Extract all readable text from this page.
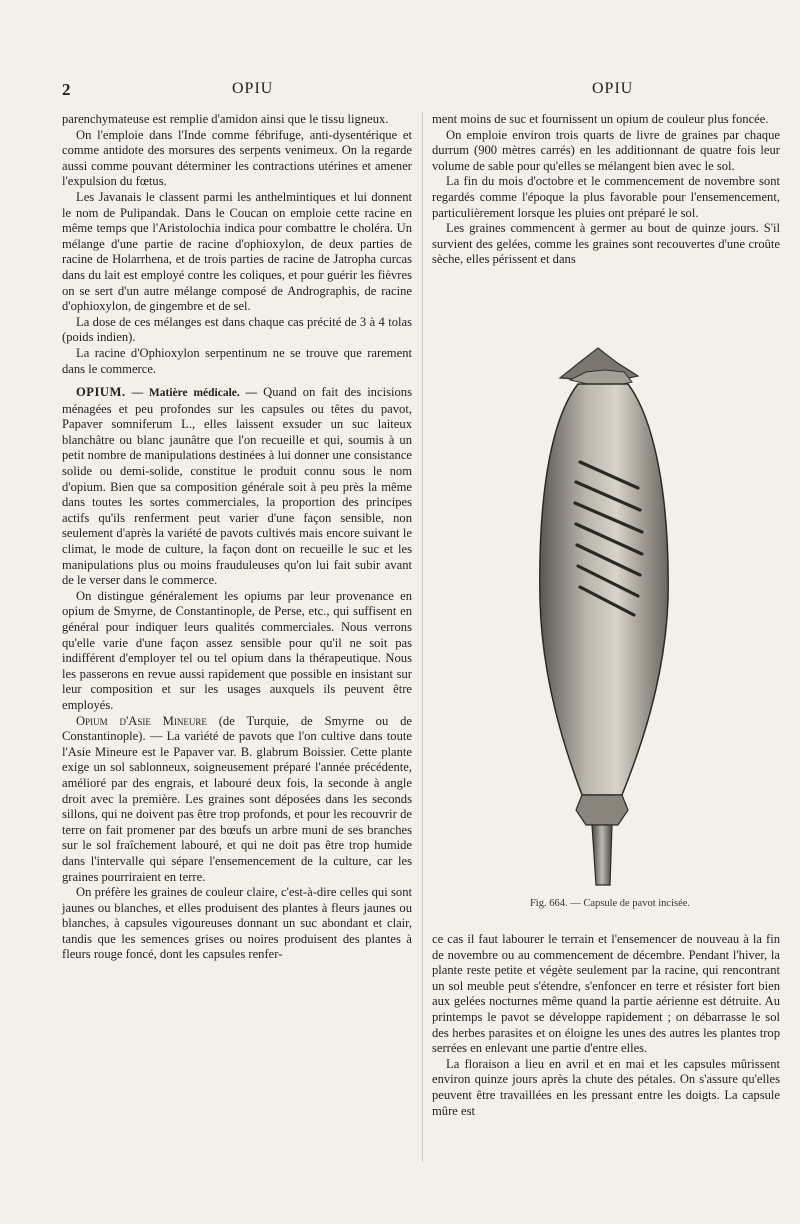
2	OPIU	OPIU

parenchymateuse est remplie d'amidon ainsi que le tissu ligneux.

On l'emploie dans l'Inde comme fébrifuge, anti-dysentérique et comme antidote des morsures des serpents venimeux. On la regarde aussi comme pouvant déterminer les contractions utérines et amener l'expulsion du fœtus.

Les Javanais le classent parmi les anthelmintiques et lui donnent le nom de Pulipandak. Dans le Coucan on emploie cette racine en même temps que l'Aristolochia indica pour combattre le choléra. Un mélange d'une partie de racine d'ophioxylon, de deux parties de racine de Holarrhena, et de trois parties de racine de Jatropha curcas dans du lait est employé contre les coliques, et pour guérir les fièvres on se sert d'un autre mélange composé de Andrographis, de racine d'ophioxylon, de gingembre et de sel.

La dose de ces mélanges est dans chaque cas précité de 3 à 4 tolas (poids indien).

La racine d'Ophioxylon serpentinum ne se trouve que rarement dans le commerce.

OPIUM. — Matière médicale. — Quand on fait des incisions ménagées et peu profondes sur les capsules ou têtes du pavot, Papaver somniferum L., elles laissent exsuder un suc laiteux blanchâtre ou blanc jaunâtre que l'on recueille et qui, soumis à un petit nombre de manipulations destinées à lui donner une consistance solide ou demi-solide, constitue le produit connu sous le nom d'opium. Bien que sa composition générale soit à peu près la même dans toutes les sortes commerciales, la proportion des principes actifs qu'ils renferment peut varier d'une façon sensible, non seulement d'après la variété de pavots cultivés mais encore suivant le climat, le mode de culture, la façon dont on recueille le suc et les manipulations plus ou moins frauduleuses qu'on lui fait subir avant de le verser dans le commerce.

On distingue généralement les opiums par leur provenance en opium de Smyrne, de Constantinople, de Perse, etc., qui suffisent en général pour indiquer leurs qualités commerciales. Nous verrons qu'elle varie d'une façon assez sensible pour qu'il ne soit pas indifférent d'employer tel ou tel opium dans la thérapeutique. Nous les passerons en revue aussi rapidement que possible en insistant sur leur composition et sur les usages auxquels ils peuvent être employés.

Opium d'Asie Mineure (de Turquie, de Smyrne ou de Constantinople). — La variété de pavots que l'on cultive dans toute l'Asie Mineure est le Papaver var. B. glabrum Boissier. Cette plante exige un sol sablonneux, soigneusement préparé l'année précédente, amélioré par des engrais, et labouré deux fois, la seconde à angle droit avec la première. Les graines sont déposées dans les seconds sillons, qui ne doivent pas être trop profonds, et pour les recouvrir de terre on fait promener par des bœufs un arbre muni de ses branches sur le sol fraîchement labouré, et qui ne doit pas être trop humide dans l'intervalle qui sépare l'ensemencement de la culture, car les graines pourriraient en terre.

On préfère les graines de couleur claire, c'est-à-dire celles qui sont jaunes ou blanches, et elles produisent des plantes à fleurs jaunes ou blanches, à capsules vigoureuses donnant un suc abondant et clair, tandis que les semences grises ou noires produisent des plantes à fleurs rouge foncé, dont les capsules renfer-

ment moins de suc et fournissent un opium de couleur plus foncée.

On emploie environ trois quarts de livre de graines par chaque durrum (900 mètres carrés) en les additionnant de quatre fois leur volume de sable pour qu'elles se mélangent bien avec le sol.

La fin du mois d'octobre et le commencement de novembre sont regardés comme l'époque la plus favorable pour l'ensemencement, particulièrement lorsque les pluies ont préparé le sol.

Les graines commencent à germer au bout de quinze jours. S'il survient des gelées, comme les graines sont recouvertes d'une croûte sèche, elles périssent et dans

Fig. 664. — Capsule de pavot incisée.

ce cas il faut labourer le terrain et l'ensemencer de nouveau à la fin de novembre ou au commencement de décembre. Pendant l'hiver, la plante reste petite et végète seulement par la racine, qui rencontrant un sol meuble peut s'étendre, s'enfoncer en terre et résister fort bien aux gelées nocturnes même quand la partie aérienne est détruite. Au printemps le pavot se développe rapidement ; on débarrasse le sol des herbes parasites et on éloigne les unes des autres les plantes trop serrées en enlevant une partie d'entre elles.

La floraison a lieu en avril et en mai et les capsules mûrissent environ quinze jours après la chute des pétales. On s'assure qu'elles peuvent être travaillées en les pressant entre les doigts. La capsule mûre est
